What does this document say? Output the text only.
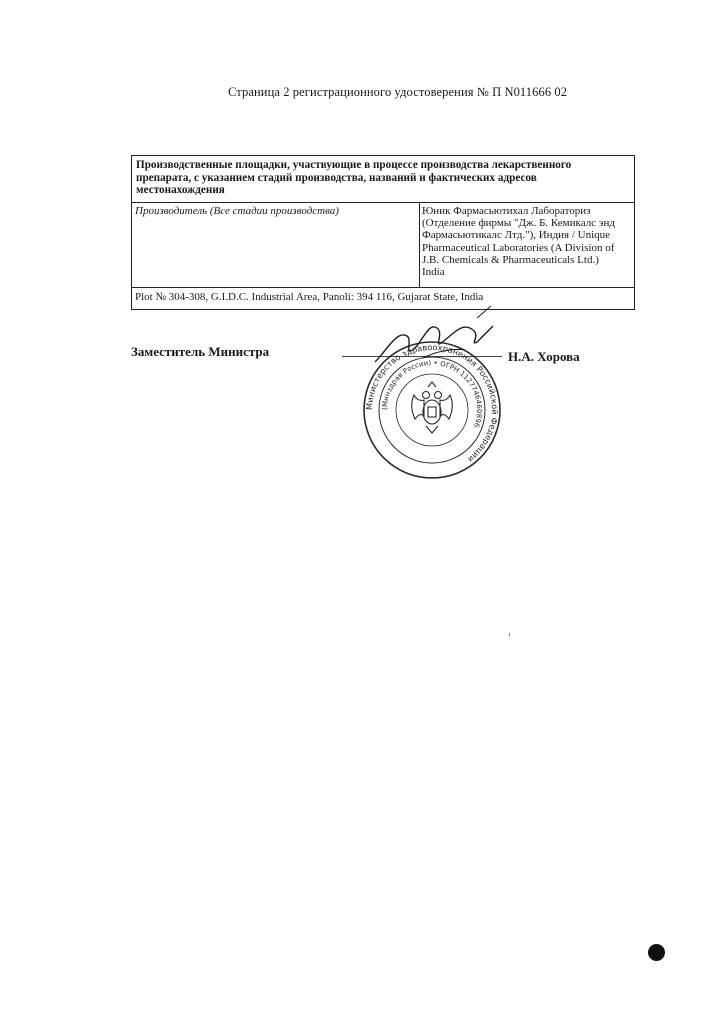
Страница 2 регистрационного удостоверения № П N011666 02
Производственные площадки, участвующие в процессе производства лекарственного препарата, с указанием стадий производства, названий и фактических адресов местонахождения
Производитель (Все стадии производства)	Юник Фармасьютихал Лабораториз
(Отделение фирмы "Дж. Б. Кемикалс энд
Фармасьютикалс Лтд."), Индия / Unique
Pharmaceutical Laboratories (A Division of
J.B. Chemicals & Pharmaceuticals Ltd.)
India
Plot № 304-308, G.I.D.C. Industrial Area, Panoli: 394 116, Gujarat State, India
Заместитель Министра
Министерство здравоохранения Российской Федерации
(Минздрав России) • ОГРН 1127746460896
Н.А. Хорова
